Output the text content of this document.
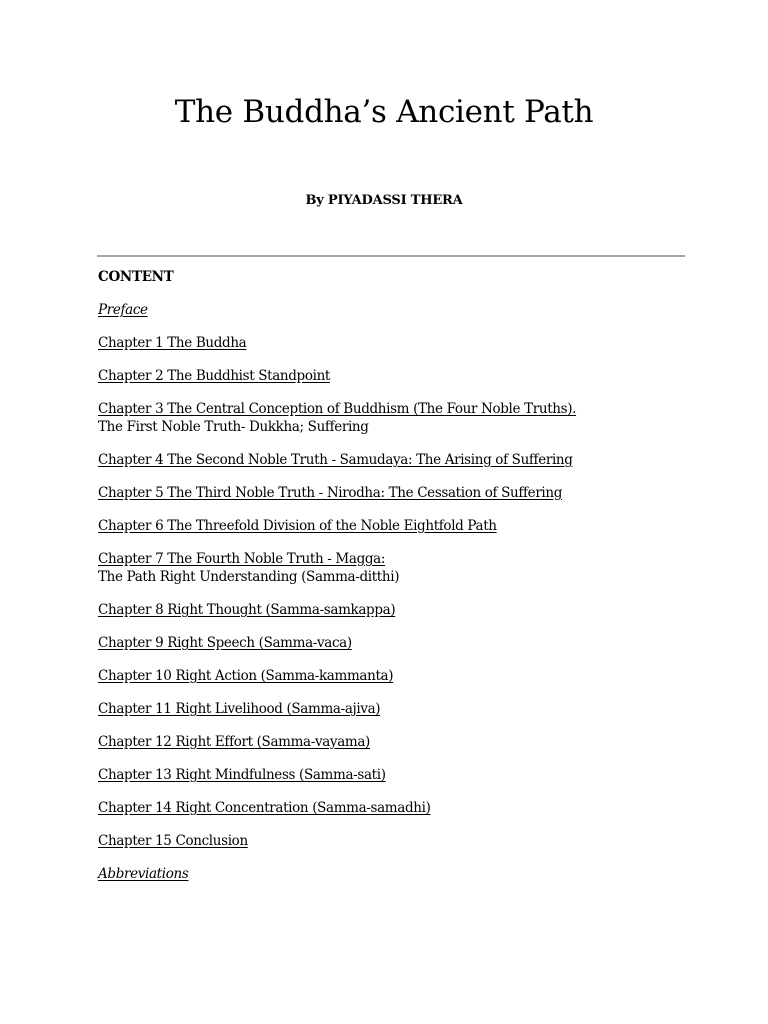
The Buddha’s Ancient Path
By PIYADASSI THERA
CONTENT
Preface
Chapter 1 The Buddha
Chapter 2 The Buddhist Standpoint
Chapter 3 The Central Conception of Buddhism (The Four Noble Truths).
The First Noble Truth- Dukkha; Suffering
Chapter 4 The Second Noble Truth - Samudaya: The Arising of Suffering
Chapter 5 The Third Noble Truth - Nirodha: The Cessation of Suffering
Chapter 6 The Threefold Division of the Noble Eightfold Path
Chapter 7 The Fourth Noble Truth - Magga:
The Path Right Understanding (Samma-ditthi)
Chapter 8 Right Thought (Samma-samkappa)
Chapter 9 Right Speech (Samma-vaca)
Chapter 10 Right Action (Samma-kammanta)
Chapter 11 Right Livelihood (Samma-ajiva)
Chapter 12 Right Effort (Samma-vayama)
Chapter 13 Right Mindfulness (Samma-sati)
Chapter 14 Right Concentration (Samma-samadhi)
Chapter 15 Conclusion
Abbreviations
